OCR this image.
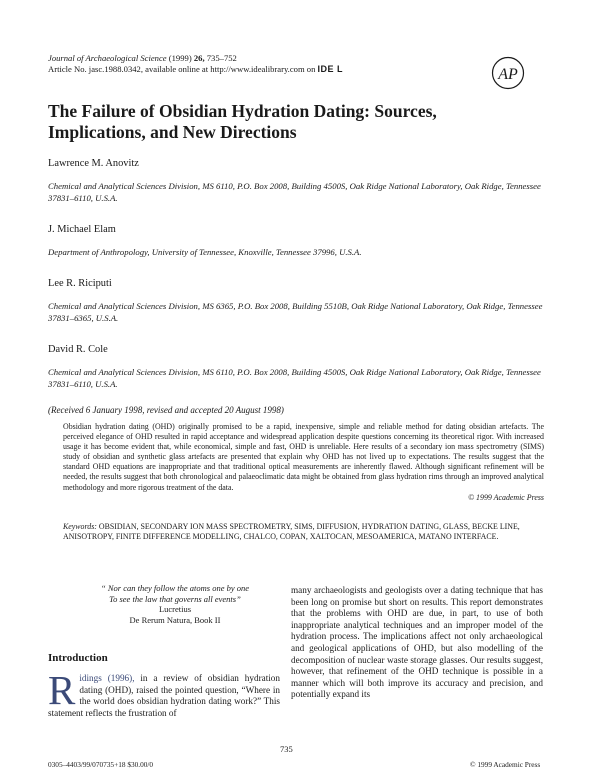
Journal of Archaeological Science (1999) 26, 735–752
Article No. jasc.1988.0342, available online at http://www.idealibrary.com on IDE L	AP
The Failure of Obsidian Hydration Dating: Sources, Implications, and New Directions
Lawrence M. Anovitz
Chemical and Analytical Sciences Division, MS 6110, P.O. Box 2008, Building 4500S, Oak Ridge National Laboratory, Oak Ridge, Tennessee 37831–6110, U.S.A.
J. Michael Elam
Department of Anthropology, University of Tennessee, Knoxville, Tennessee 37996, U.S.A.
Lee R. Riciputi
Chemical and Analytical Sciences Division, MS 6365, P.O. Box 2008, Building 5510B, Oak Ridge National Laboratory, Oak Ridge, Tennessee 37831–6365, U.S.A.
David R. Cole
Chemical and Analytical Sciences Division, MS 6110, P.O. Box 2008, Building 4500S, Oak Ridge National Laboratory, Oak Ridge, Tennessee 37831–6110, U.S.A.
(Received 6 January 1998, revised and accepted 20 August 1998)
Obsidian hydration dating (OHD) originally promised to be a rapid, inexpensive, simple and reliable method for dating obsidian artefacts. The perceived elegance of OHD resulted in rapid acceptance and widespread application despite questions concerning its theoretical rigor. With increased usage it has become evident that, while economical, simple and fast, OHD is unreliable. Here results of a secondary ion mass spectrometry (SIMS) study of obsidian and synthetic glass artefacts are presented that explain why OHD has not lived up to expectations. The results suggest that the standard OHD equations are inappropriate and that traditional optical measurements are inherently flawed. Although significant refinement will be needed, the results suggest that both chronological and palaeoclimatic data might be obtained from glass hydration rims through an improved analytical methodology and more rigorous treatment of the data.
© 1999 Academic Press
Keywords: OBSIDIAN, SECONDARY ION MASS SPECTROMETRY, SIMS, DIFFUSION, HYDRATION DATING, GLASS, BECKE LINE, ANISOTROPY, FINITE DIFFERENCE MODELLING, CHALCO, COPAN, XALTOCAN, MESOAMERICA, MATANO INTERFACE.
“ Nor can they follow the atoms one by one
To see the law that governs all events”
Lucretius
De Rerum Natura, Book II
Introduction
Ridings (1996), in a review of obsidian hydration dating (OHD), raised the pointed question, “Where in the world does obsidian hydration dating work?” This statement reflects the frustration of
many archaeologists and geologists over a dating technique that has been long on promise but short on results. This report demonstrates that the problems with OHD are due, in part, to use of both inappropriate analytical techniques and an improper model of the hydration process. The implications affect not only archaeological and geological applications of OHD, but also modelling of the decomposition of nuclear waste storage glasses. Our results suggest, however, that refinement of the OHD technique is possible in a manner which will both improve its accuracy and precision, and potentially expand its
735
0305–4403/99/070735+18 $30.00/0	© 1999 Academic Press
